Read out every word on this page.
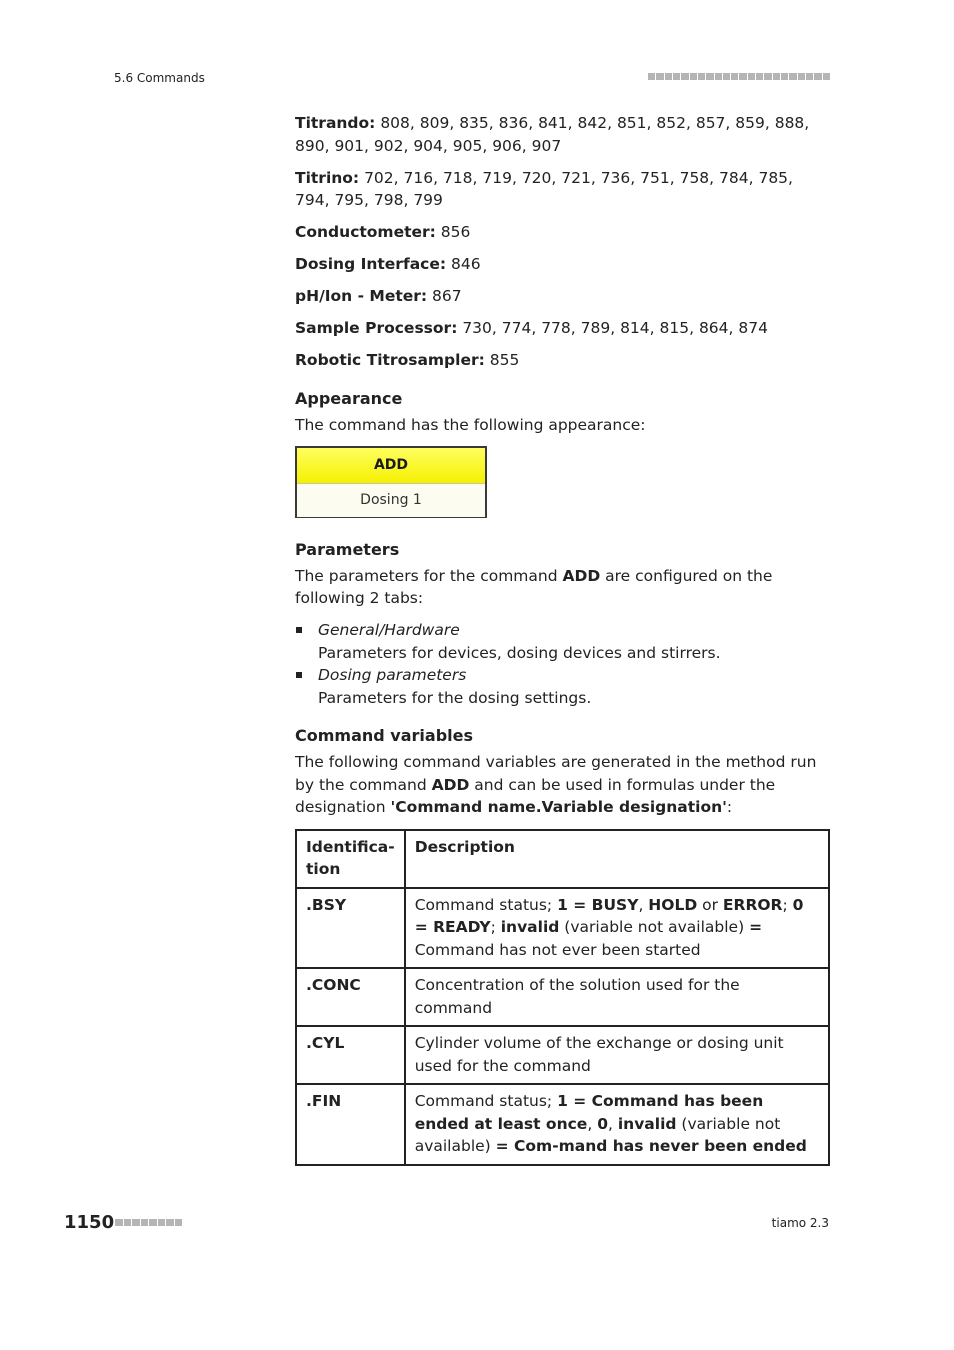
5.6 Commands

Titrando: 808, 809, 835, 836, 841, 842, 851, 852, 857, 859, 888, 890, 901, 902, 904, 905, 906, 907

Titrino: 702, 716, 718, 719, 720, 721, 736, 751, 758, 784, 785, 794, 795, 798, 799

Conductometer: 856

Dosing Interface: 846

pH/Ion - Meter: 867

Sample Processor: 730, 774, 778, 789, 814, 815, 864, 874

Robotic Titrosampler: 855

Appearance

The command has the following appearance:

ADD
Dosing 1
Parameters

The parameters for the command ADD are configured on the following 2 tabs:

General/Hardware
Parameters for devices, dosing devices and stirrers.
Dosing parameters
Parameters for the dosing settings.
Command variables

The following command variables are generated in the method run by the command ADD and can be used in formulas under the designation 'Command name.Variable designation':

Identifica-tion	Description
.BSY	Command status; 1 = BUSY, HOLD or ERROR; 0 = READY; invalid (variable not available) = Command has not ever been started
.CONC	Concentration of the solution used for the command
.CYL	Cylinder volume of the exchange or dosing unit used for the command
.FIN	Command status; 1 = Command has been ended at least once, 0, invalid (variable not available) = Com-mand has never been ended
1150	tiamo 2.3
